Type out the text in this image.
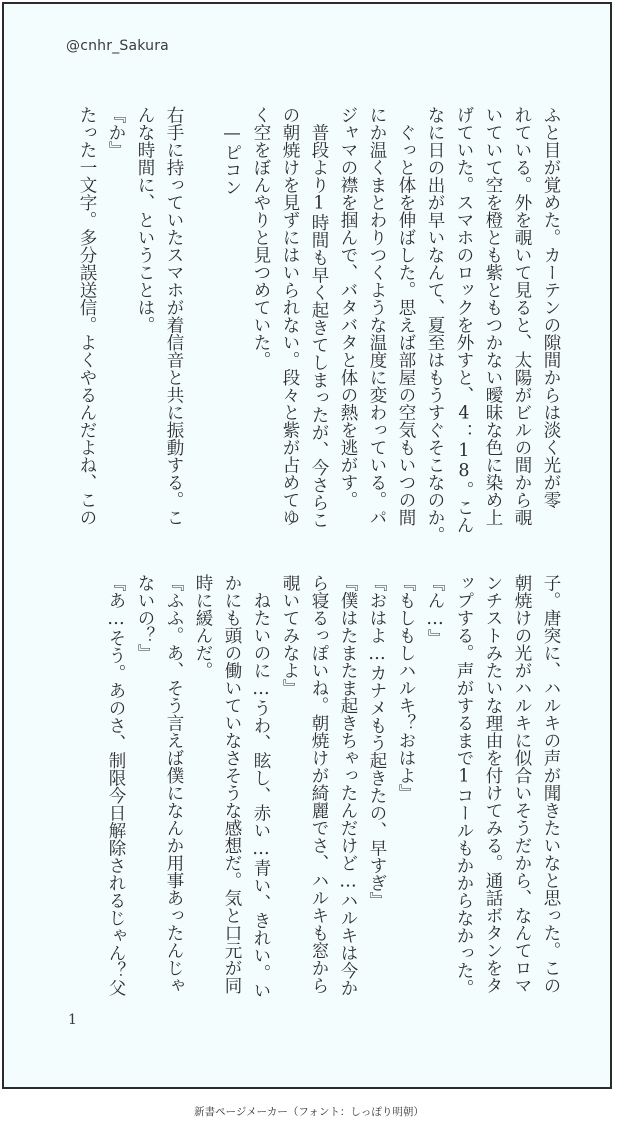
@cnhr_Sakura
ふと目が覚めた。カーテンの隙間からは淡く光が零
れている。外を覗いて見ると、太陽がビルの間から覗
いていて空を橙とも紫ともつかない曖昧な色に染め上
げていた。スマホのロックを外すと、4：18。こん
なに日の出が早いなんて、夏至はもうすぐそこなのか。
　ぐっと体を伸ばした。思えば部屋の空気もいつの間
にか温くまとわりつくような温度に変わっている。パ
ジャマの襟を掴んで、バタバタと体の熱を逃がす。
　普段より1時間も早く起きてしまったが、今さらこ
の朝焼けを見ずにはいられない。段々と紫が占めてゆ
く空をぼんやりと見つめていた。
　—ピコン
右手に持っていたスマホが着信音と共に振動する。こ
んな時間に、ということは。
『か』
たった一文字。多分誤送信。よくやるんだよね、この
子。唐突に、ハルキの声が聞きたいなと思った。この
朝焼けの光がハルキに似合いそうだから、なんてロマ
ンチストみたいな理由を付けてみる。通話ボタンをタ
ップする。声がするまで1コールもかからなかった。
『ん…』
『もしもしハルキ？おはよ』
『おはよ…カナメもう起きたの、早すぎ』
『僕はたまたま起きちゃったんだけど…ハルキは今か
ら寝るっぽいね。朝焼けが綺麗でさ、ハルキも窓から
覗いてみなよ』
　ねたいのに…うわ、眩し、赤い…青い、きれい。い
かにも頭の働いていなさそうな感想だ。気と口元が同
時に緩んだ。
『ふふ。あ、そう言えば僕になんか用事あったんじゃ
ないの？』
『あ…そう。あのさ、制限今日解除されるじゃん？父
1
新書ページメーカー（フォント：しっぽり明朝）
